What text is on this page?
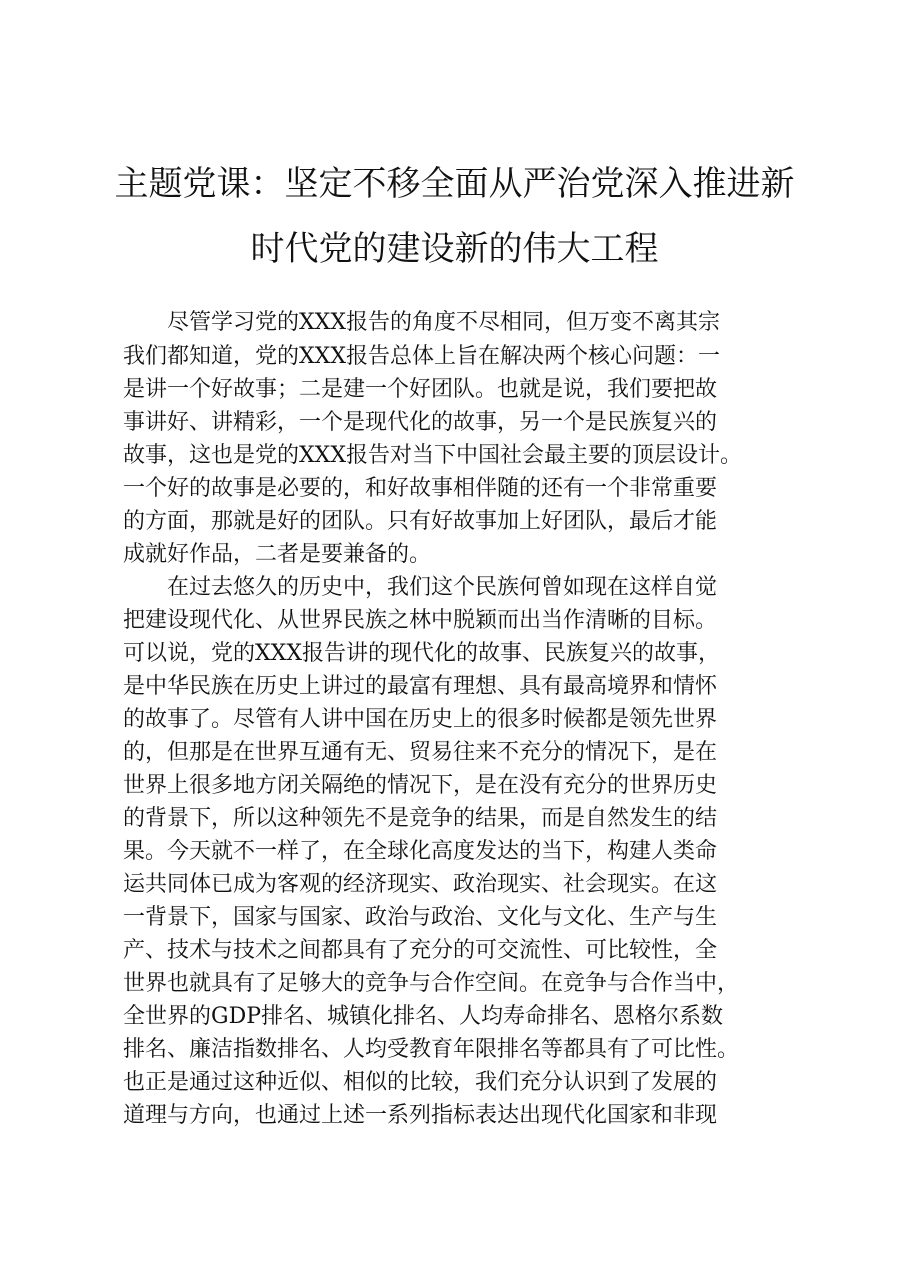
主题党课：坚定不移全面从严治党深入推进新
时代党的建设新的伟大工程
　　尽管学习党的XXX报告的角度不尽相同，但万变不离其宗
我们都知道，党的XXX报告总体上旨在解决两个核心问题：一
是讲一个好故事；二是建一个好团队。也就是说，我们要把故
事讲好、讲精彩，一个是现代化的故事，另一个是民族复兴的
故事，这也是党的XXX报告对当下中国社会最主要的顶层设计。
一个好的故事是必要的，和好故事相伴随的还有一个非常重要
的方面，那就是好的团队。只有好故事加上好团队，最后才能
成就好作品，二者是要兼备的。
　　在过去悠久的历史中，我们这个民族何曾如现在这样自觉
把建设现代化、从世界民族之林中脱颖而出当作清晰的目标。
可以说，党的XXX报告讲的现代化的故事、民族复兴的故事，
是中华民族在历史上讲过的最富有理想、具有最高境界和情怀
的故事了。尽管有人讲中国在历史上的很多时候都是领先世界
的，但那是在世界互通有无、贸易往来不充分的情况下，是在
世界上很多地方闭关隔绝的情况下，是在没有充分的世界历史
的背景下，所以这种领先不是竞争的结果，而是自然发生的结
果。今天就不一样了，在全球化高度发达的当下，构建人类命
运共同体已成为客观的经济现实、政治现实、社会现实。在这
一背景下，国家与国家、政治与政治、文化与文化、生产与生
产、技术与技术之间都具有了充分的可交流性、可比较性，全
世界也就具有了足够大的竞争与合作空间。在竞争与合作当中，
全世界的GDP排名、城镇化排名、人均寿命排名、恩格尔系数
排名、廉洁指数排名、人均受教育年限排名等都具有了可比性。
也正是通过这种近似、相似的比较，我们充分认识到了发展的
道理与方向，也通过上述一系列指标表达出现代化国家和非现
